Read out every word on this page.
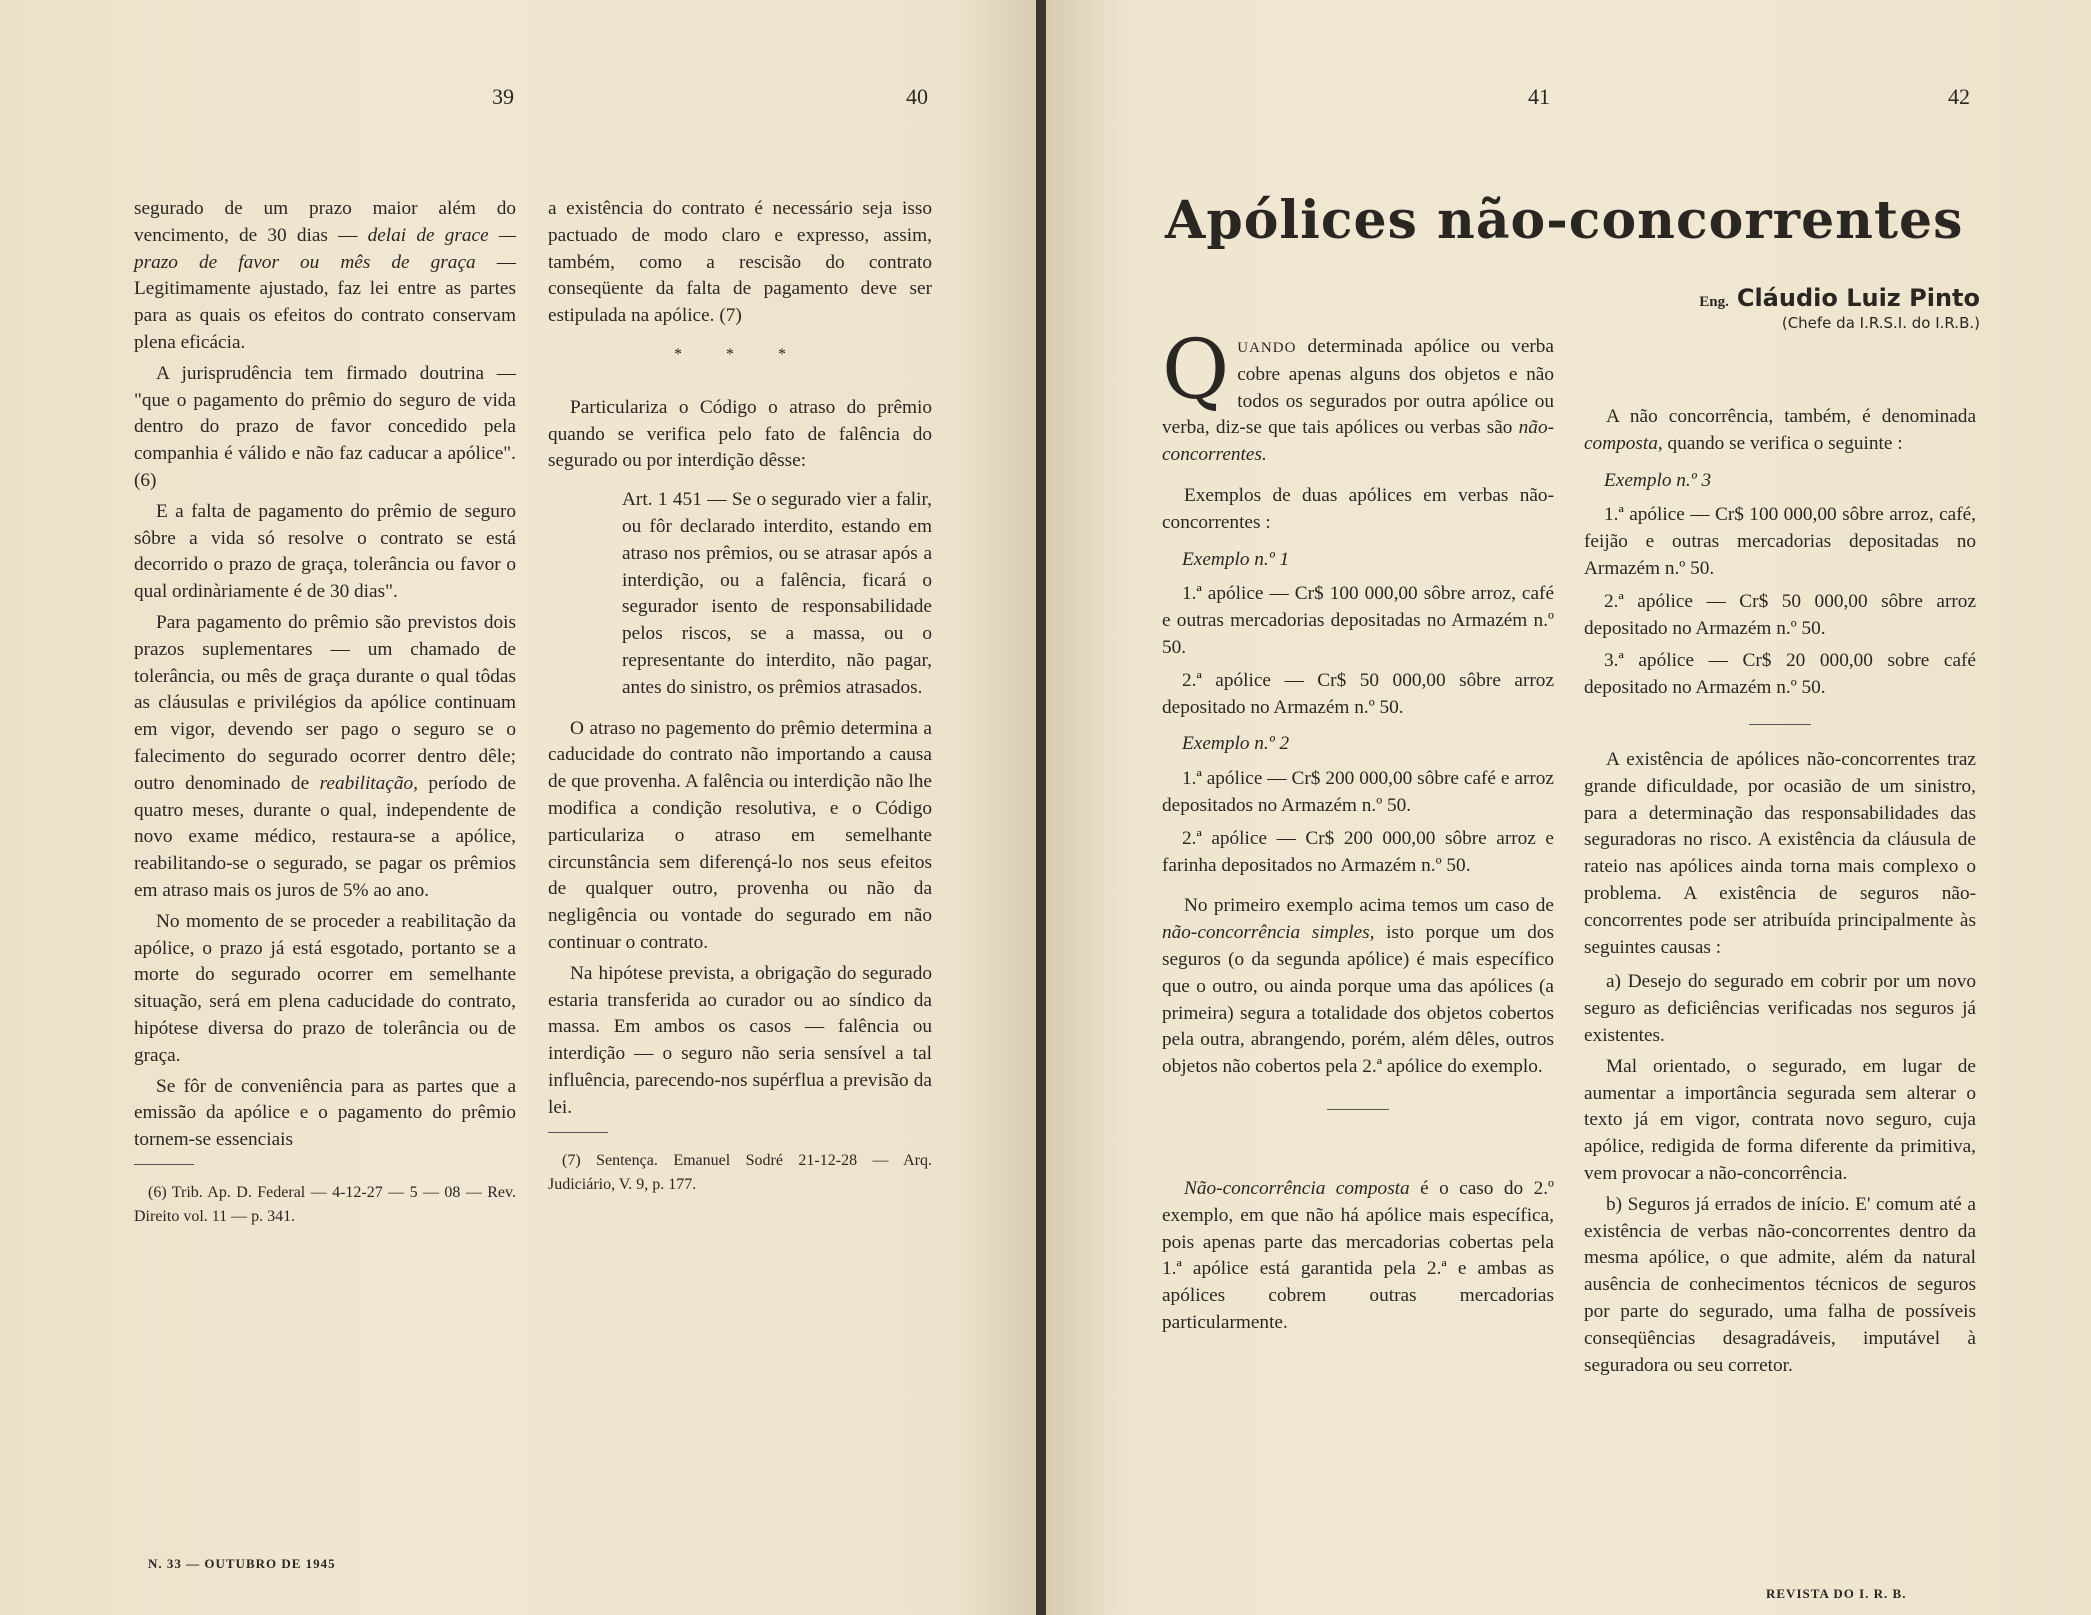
39	40	41	42

segurado de um prazo maior além do vencimento, de 30 dias — delai de grace — prazo de favor ou mês de graça — Legitimamente ajustado, faz lei entre as partes para as quais os efeitos do contrato conservam plena eficácia.

A jurisprudência tem firmado doutrina — "que o pagamento do prêmio do seguro de vida dentro do prazo de favor concedido pela companhia é válido e não faz caducar a apólice". (6)

E a falta de pagamento do prêmio de seguro sôbre a vida só resolve o contrato se está decorrido o prazo de graça, tolerância ou favor o qual ordinàriamente é de 30 dias".

Para pagamento do prêmio são previstos dois prazos suplementares — um chamado de tolerância, ou mês de graça durante o qual tôdas as cláusulas e privilégios da apólice continuam em vigor, devendo ser pago o seguro se o falecimento do segurado ocorrer dentro dêle; outro denominado de reabilitação, período de quatro meses, durante o qual, independente de novo exame médico, restaura-se a apólice, reabilitando-se o segurado, se pagar os prêmios em atraso mais os juros de 5% ao ano.

No momento de se proceder a reabilitação da apólice, o prazo já está esgotado, portanto se a morte do segurado ocorrer em semelhante situação, será em plena caducidade do contrato, hipótese diversa do prazo de tolerância ou de graça.

Se fôr de conveniência para as partes que a emissão da apólice e o pagamento do prêmio tornem-se essenciais

(6) Trib. Ap. D. Federal — 4-12-27 — 5 — 08 — Rev. Direito vol. 11 — p. 341.

a existência do contrato é necessário seja isso pactuado de modo claro e expresso, assim, também, como a rescisão do contrato conseqüente da falta de pagamento deve ser estipulada na apólice. (7)

* * *

Particulariza o Código o atraso do prêmio quando se verifica pelo fato de falência do segurado ou por interdição dêsse:

Art. 1 451 — Se o segurado vier a falir, ou fôr declarado interdito, estando em atraso nos prêmios, ou se atrasar após a interdição, ou a falência, ficará o segurador isento de responsabilidade pelos riscos, se a massa, ou o representante do interdito, não pagar, antes do sinistro, os prêmios atrasados.

O atraso no pagemento do prêmio determina a caducidade do contrato não importando a causa de que provenha. A falência ou interdição não lhe modifica a condição resolutiva, e o Código particulariza o atraso em semelhante circunstância sem diferençá-lo nos seus efeitos de qualquer outro, provenha ou não da negligência ou vontade do segurado em não continuar o contrato.

Na hipótese prevista, a obrigação do segurado estaria transferida ao curador ou ao síndico da massa. Em ambos os casos — falência ou interdição — o seguro não seria sensível a tal influência, parecendo-nos supérflua a previsão da lei.

(7) Sentença. Emanuel Sodré 21-12-28 — Arq. Judiciário, V. 9, p. 177.
N. 33 — OUTUBRO DE 1945
Apólices não-concorrentes
Eng. Cláudio Luiz Pinto
(Chefe da I.R.S.I. do I.R.B.)

QUANDO determinada apólice ou verba cobre apenas alguns dos objetos e não todos os segurados por outra apólice ou verba, diz-se que tais apólices ou verbas são não-concorrentes.

Exemplos de duas apólices em verbas não-concorrentes :

Exemplo n.º 1

1.ª apólice — Cr$ 100 000,00 sôbre arroz, café e outras mercadorias depositadas no Armazém n.º 50.

2.ª apólice — Cr$ 50 000,00 sôbre arroz depositado no Armazém n.º 50.

Exemplo n.º 2

1.ª apólice — Cr$ 200 000,00 sôbre café e arroz depositados no Armazém n.º 50.

2.ª apólice — Cr$ 200 000,00 sôbre arroz e farinha depositados no Armazém n.º 50.

No primeiro exemplo acima temos um caso de não-concorrência simples, isto porque um dos seguros (o da segunda apólice) é mais específico que o outro, ou ainda porque uma das apólices (a primeira) segura a totalidade dos objetos cobertos pela outra, abrangendo, porém, além dêles, outros objetos não cobertos pela 2.ª apólice do exemplo.

Não-concorrência composta é o caso do 2.º exemplo, em que não há apólice mais específica, pois apenas parte das mercadorias cobertas pela 1.ª apólice está garantida pela 2.ª e ambas as apólices cobrem outras mercadorias particularmente.

A não concorrência, também, é denominada composta, quando se verifica o seguinte :

Exemplo n.º 3

1.ª apólice — Cr$ 100 000,00 sôbre arroz, café, feijão e outras mercadorias depositadas no Armazém n.º 50.

2.ª apólice — Cr$ 50 000,00 sôbre arroz depositado no Armazém n.º 50.

3.ª apólice — Cr$ 20 000,00 sobre café depositado no Armazém n.º 50.

A existência de apólices não-concorrentes traz grande dificuldade, por ocasião de um sinistro, para a determinação das responsabilidades das seguradoras no risco. A existência da cláusula de rateio nas apólices ainda torna mais complexo o problema. A existência de seguros não-concorrentes pode ser atribuída principalmente às seguintes causas :

a) Desejo do segurado em cobrir por um novo seguro as deficiências verificadas nos seguros já existentes.

Mal orientado, o segurado, em lugar de aumentar a importância segurada sem alterar o texto já em vigor, contrata novo seguro, cuja apólice, redigida de forma diferente da primitiva, vem provocar a não-concorrência.

b) Seguros já errados de início. E' comum até a existência de verbas não-concorrentes dentro da mesma apólice, o que admite, além da natural ausência de conhecimentos técnicos de seguros por parte do segurado, uma falha de possíveis conseqüências desagradáveis, imputável à seguradora ou seu corretor.

REVISTA DO I. R. B.
